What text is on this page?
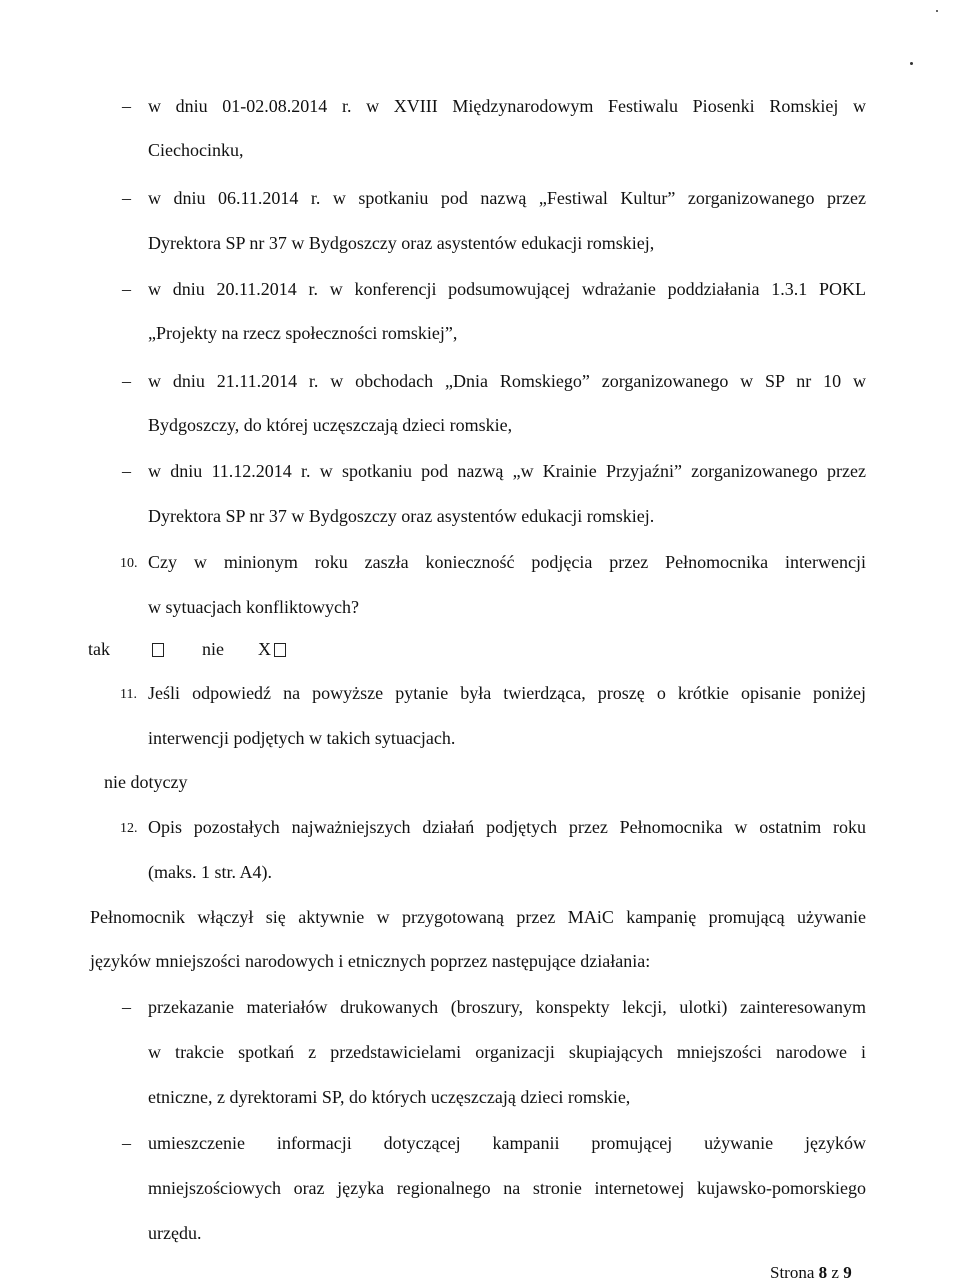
– w dniu 01-02.08.2014 r. w XVIII Międzynarodowym Festiwalu Piosenki Romskiej w
Ciechocinku,
– w dniu 06.11.2014 r. w spotkaniu pod nazwą „Festiwal Kultur” zorganizowanego przez
Dyrektora SP nr 37 w Bydgoszczy oraz asystentów edukacji romskiej,
– w dniu 20.11.2014 r. w konferencji podsumowującej wdrażanie poddziałania 1.3.1 POKL
„Projekty na rzecz społeczności romskiej”,
– w dniu 21.11.2014 r. w obchodach „Dnia Romskiego” zorganizowanego w SP nr 10 w
Bydgoszczy, do której uczęszczają dzieci romskie,
– w dniu 11.12.2014 r. w spotkaniu pod nazwą „w Krainie Przyjaźni” zorganizowanego przez
Dyrektora SP nr 37 w Bydgoszczy oraz asystentów edukacji romskiej.
10. Czy w minionym roku zaszła konieczność podjęcia przez Pełnomocnika interwencji
w sytuacjach konfliktowych?
tak	nie X
11. Jeśli odpowiedź na powyższe pytanie była twierdząca, proszę o krótkie opisanie poniżej
interwencji podjętych w takich sytuacjach.
nie dotyczy
12. Opis pozostałych najważniejszych działań podjętych przez Pełnomocnika w ostatnim roku
(maks. 1 str. A4).
Pełnomocnik włączył się aktywnie w przygotowaną przez MAiC kampanię promującą używanie
języków mniejszości narodowych i etnicznych poprzez następujące działania:
– przekazanie materiałów drukowanych (broszury, konspekty lekcji, ulotki) zainteresowanym
w trakcie spotkań z przedstawicielami organizacji skupiających mniejszości narodowe i
etniczne, z dyrektorami SP, do których uczęszczają dzieci romskie,
– umieszczenie informacji dotyczącej kampanii promującej używanie języków
mniejszościowych oraz języka regionalnego na stronie internetowej kujawsko-pomorskiego
urzędu.
Strona 8 z 9
